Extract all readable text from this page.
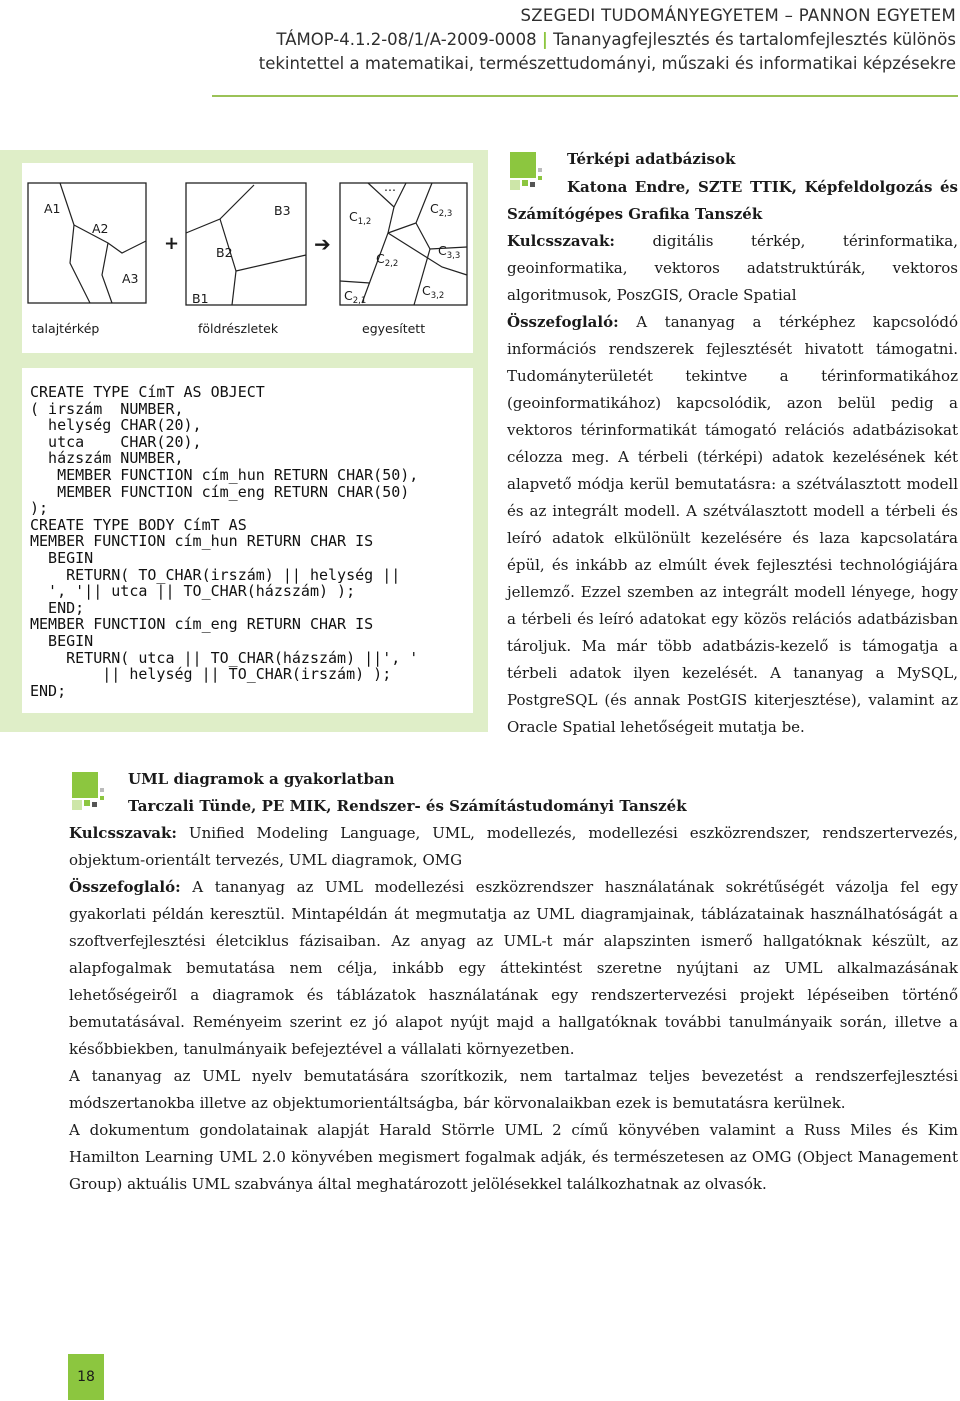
SZEGEDI TUDOMÁNYEGYETEM – PANNON EGYETEM
TÁMOP-4.1.2-08/1/A-2009-0008 | Tananyagfejlesztés és tartalomfejlesztés különös
tekintettel a matematikai, természettudományi, műszaki és informatikai képzésekre
A1
A2
A3
talajtérkép
+
B3
B2
B1
földrészletek
➔
...
$C_{1,2}$
$C_{2,3}$
$C_{2,2}$
$C_{3,3}$
$C_{2,1}$
$C_{3,2}$
egyesített
CREATE TYPE CímT AS OBJECT
( irszám  NUMBER,
helység CHAR(20),
utca    CHAR(20),
házszám NUMBER,
MEMBER FUNCTION cím_hun RETURN CHAR(50),
MEMBER FUNCTION cím_eng RETURN CHAR(50)
);
CREATE TYPE BODY CímT AS
MEMBER FUNCTION cím_hun RETURN CHAR IS
BEGIN
RETURN( TO_CHAR(irszám) || helység ||
', '|| utca || TO_CHAR(házszám) );
END;
MEMBER FUNCTION cím_eng RETURN CHAR IS
BEGIN
RETURN( utca || TO_CHAR(házszám) ||', '
|| helység || TO_CHAR(irszám) );
END;
Térképi adatbázisok

Katona Endre, SZTE TTIK, Képfeldolgozás és Számítógépes Grafika Tanszék

Kulcsszavak:	digitális térkép, térinformatika, geoinformatika, vektoros adatstruktúrák, vektoros algoritmusok, PoszGIS, Oracle Spatial

Összefoglaló: A tananyag a térképhez kapcsolódó információs rendszerek fejlesztését hivatott támogatni. Tudományterületét tekintve a térinformatikához (geoinformatikához) kapcsolódik, azon belül pedig a vektoros térinformatikát támogató relációs adatbázisokat célozza meg. A térbeli (térképi) adatok kezelésének két alapvető módja kerül bemutatásra: a szétválasztott modell és az integrált modell. A szétválasztott modell a térbeli és leíró adatok elkülönült kezelésére és laza kapcsolatára épül, és inkább az elmúlt évek fejlesztési technológiájára jellemző. Ezzel szemben az integrált modell lényege, hogy a térbeli és leíró adatokat egy közös relációs adatbázisban tároljuk. Ma már több adatbázis-kezelő is támogatja a térbeli adatok ilyen kezelését. A tananyag a MySQL, PostgreSQL (és annak PostGIS kiterjesztése), valamint az Oracle Spatial lehetőségeit mutatja be.

UML diagramok a gyakorlatban
Tarczali Tünde, PE MIK, Rendszer- és Számítástudományi Tanszék

Kulcsszavak: Unified Modeling Language, UML, modellezés, modellezési eszközrendszer, rendszertervezés, objektum-orientált tervezés, UML diagramok, OMG

Összefoglaló: A tananyag az UML modellezési eszközrendszer használatának sokrétűségét vázolja fel egy gyakorlati példán keresztül. Mintapéldán át megmutatja az UML diagramjainak, táblázatainak használhatóságát a szoftverfejlesztési életciklus fázisaiban. Az anyag az UML-t már alapszinten ismerő hallgatóknak készült, az alapfogalmak bemutatása nem célja, inkább egy áttekintést szeretne nyújtani az UML alkalmazásának lehetőségeiről a diagramok és táblázatok használatának egy rendszertervezési projekt lépéseiben történő bemutatásával. Reményeim szerint ez jó alapot nyújt majd a hallgatóknak további tanulmányaik során, illetve a későbbiekben, tanulmányaik befejeztével a vállalati környezetben.

A tananyag az UML nyelv bemutatására szorítkozik, nem tartalmaz teljes bevezetést a rendszerfejlesztési módszertanokba illetve az objektumorientáltságba, bár körvonalaikban ezek is bemutatásra kerülnek.

A dokumentum gondolatainak alapját Harald Störrle UML 2 című könyvében valamint a Russ Miles és Kim Hamilton Learning UML 2.0 könyvében megismert fogalmak adják, és természetesen az OMG (Object Management Group) aktuális UML szabványa által meghatározott jelölésekkel találkozhatnak az olvasók.

18
